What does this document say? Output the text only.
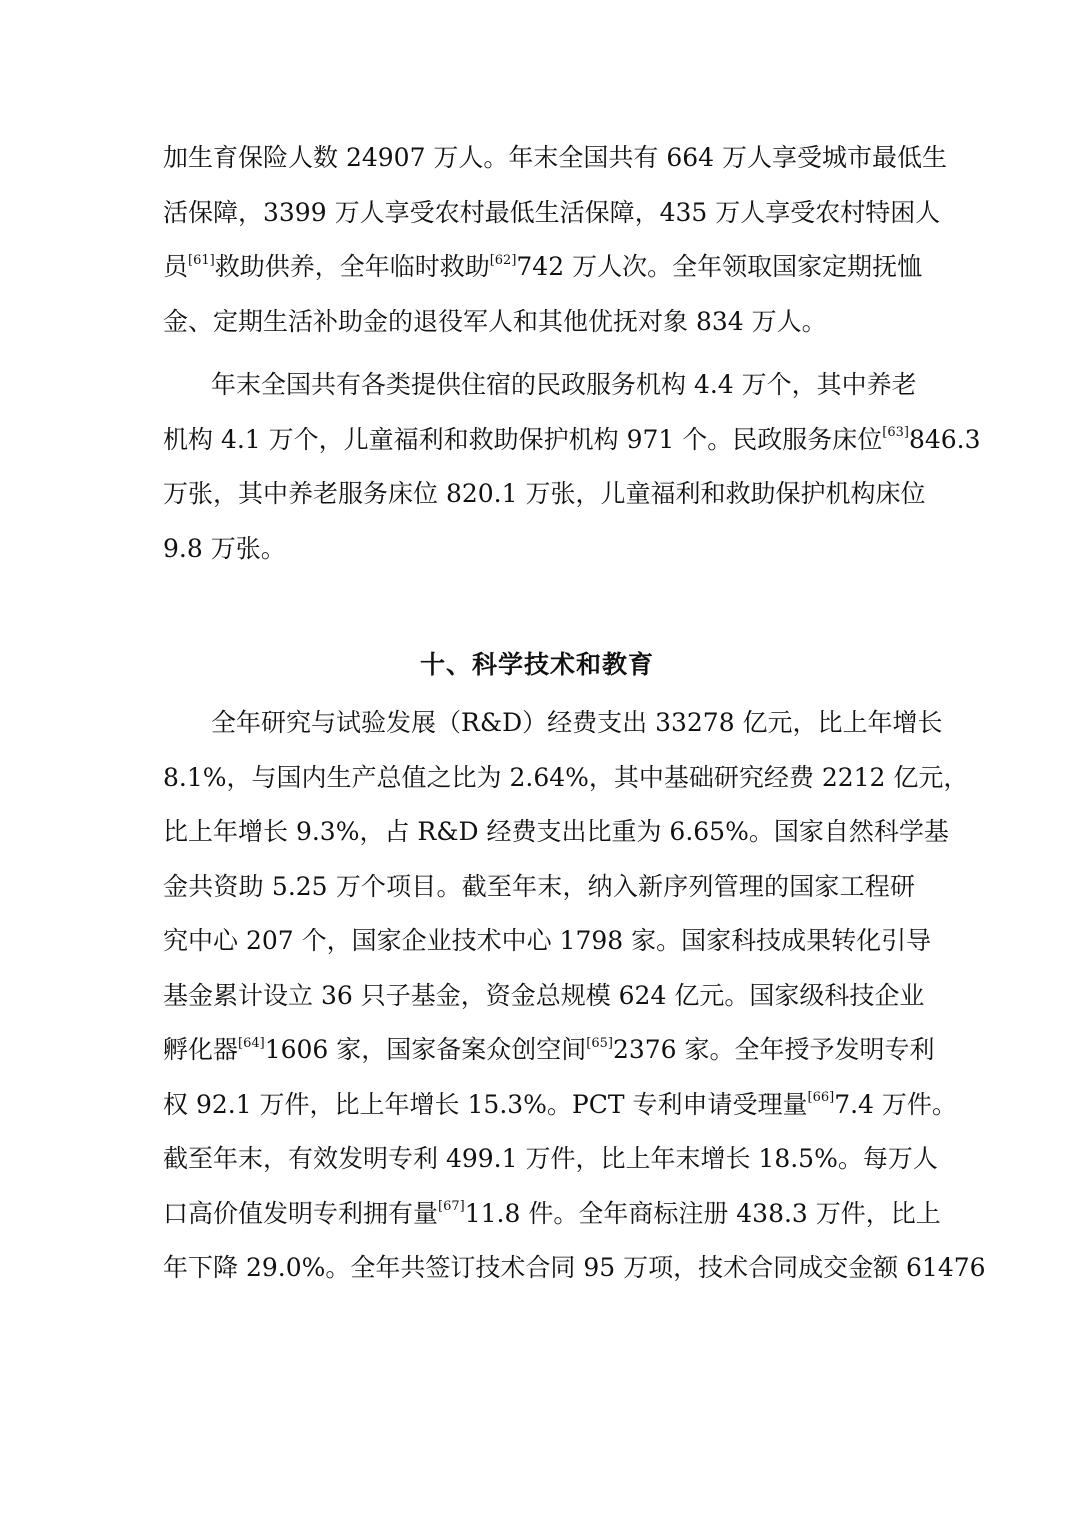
加生育保险人数 24907 万人。年末全国共有 664 万人享受城市最低生
活保障，3399 万人享受农村最低生活保障，435 万人享受农村特困人
员[61]救助供养，全年临时救助[62]742 万人次。全年领取国家定期抚恤
金、定期生活补助金的退役军人和其他优抚对象 834 万人。
年末全国共有各类提供住宿的民政服务机构 4.4 万个，其中养老
机构 4.1 万个，儿童福利和救助保护机构 971 个。民政服务床位[63]846.3
万张，其中养老服务床位 820.1 万张，儿童福利和救助保护机构床位
9.8 万张。
十、科学技术和教育
全年研究与试验发展（R&D）经费支出 33278 亿元，比上年增长
8.1%，与国内生产总值之比为 2.64%，其中基础研究经费 2212 亿元，
比上年增长 9.3%，占 R&D 经费支出比重为 6.65%。国家自然科学基
金共资助 5.25 万个项目。截至年末，纳入新序列管理的国家工程研
究中心 207 个，国家企业技术中心 1798 家。国家科技成果转化引导
基金累计设立 36 只子基金，资金总规模 624 亿元。国家级科技企业
孵化器[64]1606 家，国家备案众创空间[65]2376 家。全年授予发明专利
权 92.1 万件，比上年增长 15.3%。PCT 专利申请受理量[66]7.4 万件。
截至年末，有效发明专利 499.1 万件，比上年末增长 18.5%。每万人
口高价值发明专利拥有量[67]11.8 件。全年商标注册 438.3 万件，比上
年下降 29.0%。全年共签订技术合同 95 万项，技术合同成交金额 61476
